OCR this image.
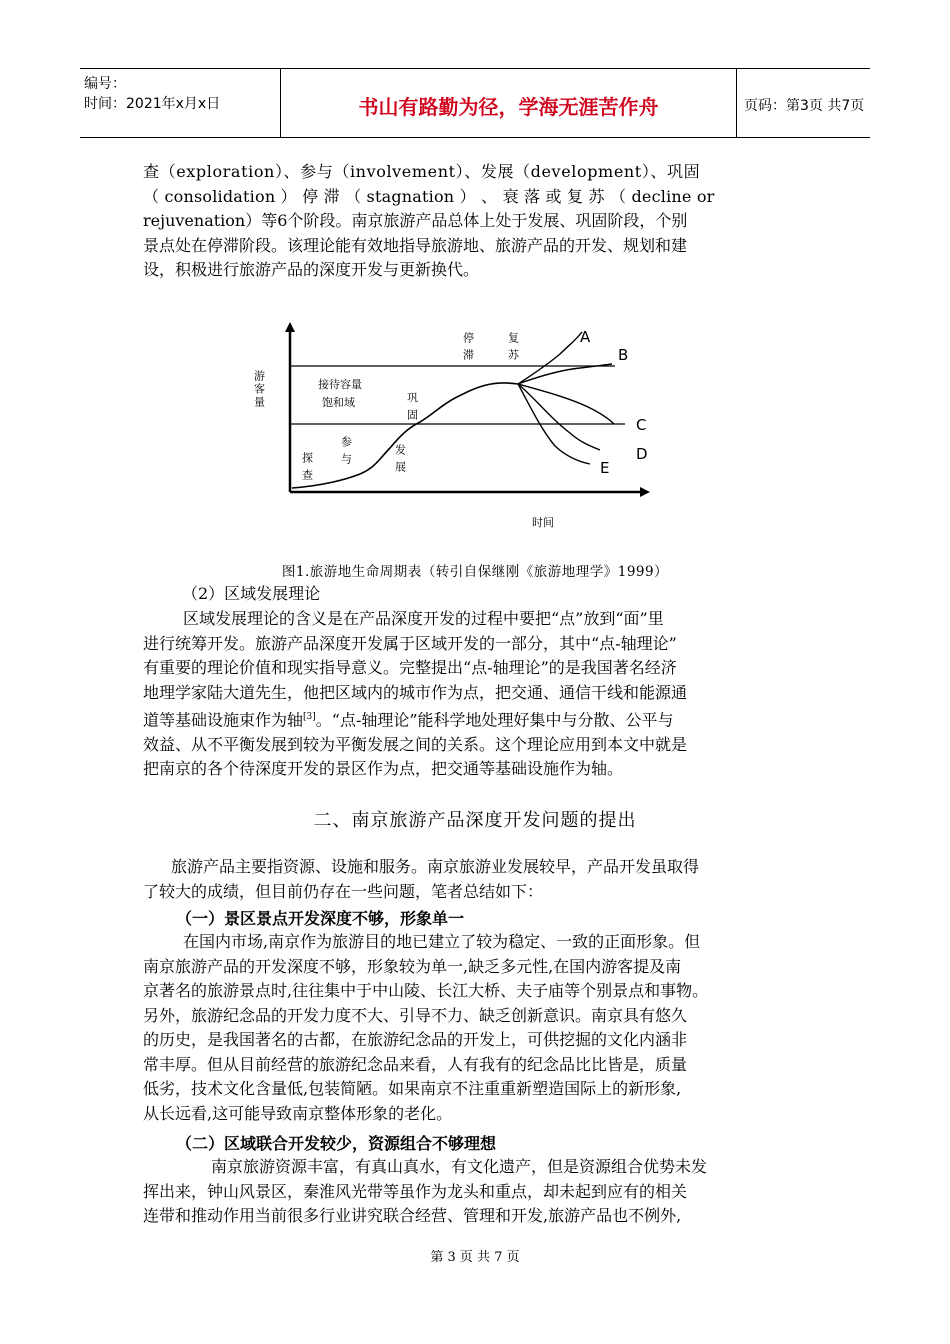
编号：
时间：2021年x月x日	书山有路勤为径，学海无涯苦作舟	页码：第3页 共7页
查（exploration）、参与（involvement）、发展（development）、巩固
（ consolidation ） 停 滞 （ stagnation ） 、 衰 落 或 复 苏 （ decline or
rejuvenation）等6个阶段。南京旅游产品总体上处于发展、巩固阶段，个别
景点处在停滞阶段。该理论能有效地指导旅游地、旅游产品的开发、规划和建
设，积极进行旅游产品的深度开发与更新换代。
游客量
时间
接待容量
饱和域
探查 参与	发展
巩固
停滞	复苏	A
B
C
D
E
图1.旅游地生命周期表（转引自保继刚《旅游地理学》1999）
（2）区域发展理论
区域发展理论的含义是在产品深度开发的过程中要把“点”放到“面”里
进行统筹开发。旅游产品深度开发属于区域开发的一部分，其中“点-轴理论”
有重要的理论价值和现实指导意义。完整提出“点-轴理论”的是我国著名经济
地理学家陆大道先生，他把区域内的城市作为点，把交通、通信干线和能源通
道等基础设施束作为轴[3]。“点-轴理论”能科学地处理好集中与分散、公平与
效益、从不平衡发展到较为平衡发展之间的关系。这个理论应用到本文中就是
把南京的各个待深度开发的景区作为点，把交通等基础设施作为轴。
二、南京旅游产品深度开发问题的提出
旅游产品主要指资源、设施和服务。南京旅游业发展较早，产品开发虽取得
了较大的成绩，但目前仍存在一些问题，笔者总结如下：
（一）景区景点开发深度不够，形象单一
在国内市场,南京作为旅游目的地已建立了较为稳定、一致的正面形象。但
南京旅游产品的开发深度不够，形象较为单一,缺乏多元性,在国内游客提及南
京著名的旅游景点时,往往集中于中山陵、长江大桥、夫子庙等个别景点和事物。
另外，旅游纪念品的开发力度不大、引导不力、缺乏创新意识。南京具有悠久
的历史，是我国著名的古都，在旅游纪念品的开发上，可供挖掘的文化内涵非
常丰厚。但从目前经营的旅游纪念品来看，人有我有的纪念品比比皆是，质量
低劣，技术文化含量低,包装简陋。如果南京不注重重新塑造国际上的新形象,
从长远看,这可能导致南京整体形象的老化。
（二）区域联合开发较少，资源组合不够理想
南京旅游资源丰富，有真山真水，有文化遗产，但是资源组合优势未发
挥出来，钟山风景区，秦淮风光带等虽作为龙头和重点，却未起到应有的相关
连带和推动作用当前很多行业讲究联合经营、管理和开发,旅游产品也不例外,
第 3 页 共 7 页
